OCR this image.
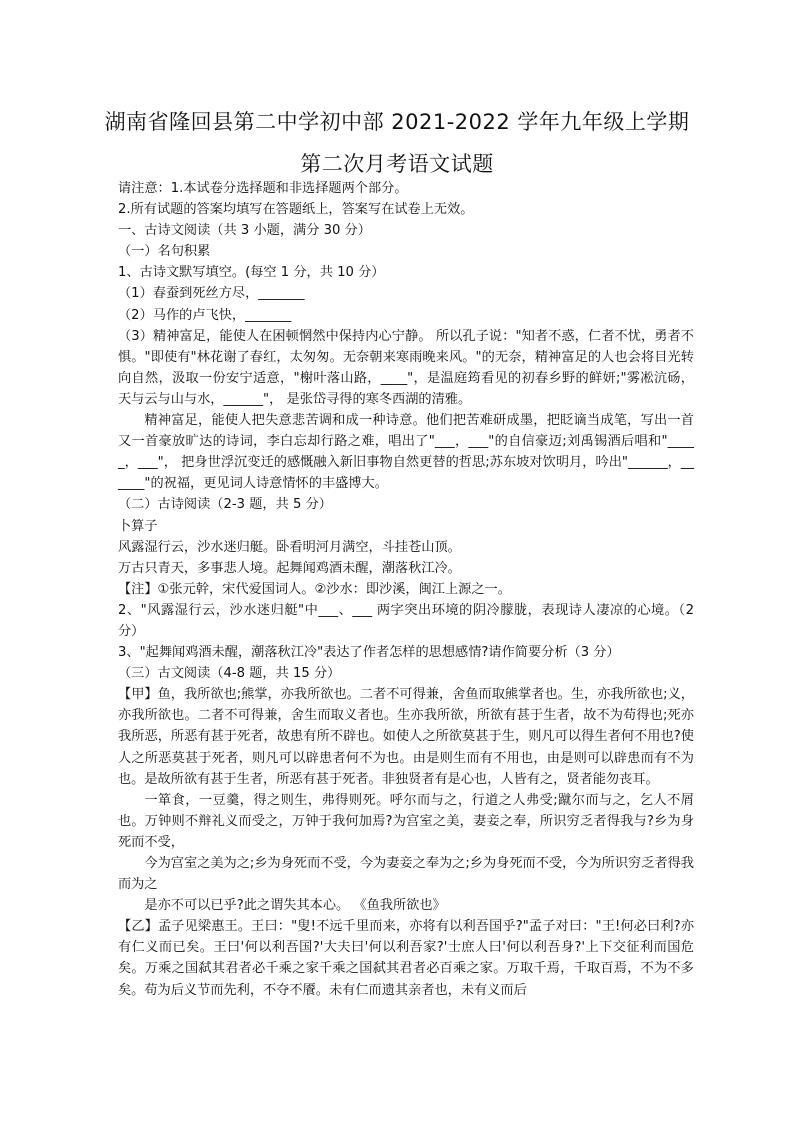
湖南省隆回县第二中学初中部 2021-2022 学年九年级上学期
第二次月考语文试题

请注意：1.本试卷分选择题和非选择题两个部分。

2.所有试题的答案均填写在答题纸上，答案写在试卷上无效。

一、古诗文阅读（共 3 小题，满分 30 分）

（一）名句积累

1、古诗文默写填空。(每空 1 分，共 10 分）

（1）春蚕到死丝方尽，_______

（2）马作的卢飞快，_______

（3）精神富足，能使人在困顿惘然中保持内心宁静。 所以孔子说："知者不惑，仁者不忧，勇者不惧。"即使有"林花谢了春红，太匆匆。无奈朝来寒雨晚来风。"的无奈，精神富足的人也会将目光转向自然，汲取一份安宁适意，"榭叶落山路，____"，是温庭筠看见的初春乡野的鲜妍;"雾凇沆砀，天与云与山与水，______"， 是张岱寻得的寒冬西湖的清雅。

精神富足，能使人把失意悲苦调和成一种诗意。他们把苦难研成墨，把眨谪当成笔，写出一首又一首豪放旷达的诗词，李白忘却行路之难，唱出了"___，___"的自信豪迈;刘禹锡酒后唱和"_____，___"， 把身世浮沉变迁的感慨融入新旧事物自然更替的哲思;苏东坡对饮明月，吟出"______，______"的祝福，更见词人诗意情怀的丰盛博大。

（二）古诗阅读（2-3 题，共 5 分）

卜算子

风露湿行云，沙水迷归艇。卧看明河月满空，斗挂苍山顶。

万古只青天，多事悲人境。起舞闻鸡酒未醒，潮落秋江冷。

【注】①张元幹，宋代爱国词人。②沙水：即沙溪，闽江上源之一。

2、"风露湿行云，沙水迷归艇"中___、___ 两字突出环境的阴冷朦胧，表现诗人凄凉的心境。（2 分）

3、"起舞闻鸡酒未醒，潮落秋江冷"表达了作者怎样的思想感情?请作简要分析（3 分）

（三）古文阅读（4-8 题，共 15 分）

【甲】鱼，我所欲也;熊掌，亦我所欲也。二者不可得兼，舍鱼而取熊掌者也。生，亦我所欲也;义，亦我所欲也。二者不可得兼，舍生而取义者也。生亦我所欲，所欲有甚于生者，故不为苟得也;死亦我所恶，所恶有甚于死者，故患有所不辟也。如使人之所欲莫甚于生，则凡可以得生者何不用也?使人之所恶莫甚于死者，则凡可以辟患者何不为也。由是则生而有不用也，由是则可以辟患而有不为也。是故所欲有甚于生者，所恶有甚于死者。非独贤者有是心也，人皆有之，贤者能勿丧耳。

一箪食，一豆羹，得之则生，弗得则死。呼尔而与之，行道之人弗受;蹴尔而与之，乞人不屑也。万钟则不辩礼义而受之，万钟于我何加焉?为宫室之美，妻妾之奉，所识穷乏者得我与?乡为身死而不受，

今为宫室之美为之;乡为身死而不受，今为妻妾之奉为之;乡为身死而不受，今为所识穷乏者得我而为之

是亦不可以已乎?此之谓失其本心。 《鱼我所欲也》

【乙】孟子见梁惠王。王曰："叟!不远千里而来，亦将有以利吾国乎?"孟子对曰："王!何必曰利?亦有仁义而已矣。王曰'何以利吾国?'大夫曰'何以利吾家?'士庶人曰'何以利吾身?'上下交征利而国危矣。万乘之国弑其君者必千乘之家千乘之国弑其君者必百乘之家。万取千焉，千取百焉，不为不多矣。苟为后义节而先利，不夺不餍。未有仁而遗其亲者也，未有义而后
